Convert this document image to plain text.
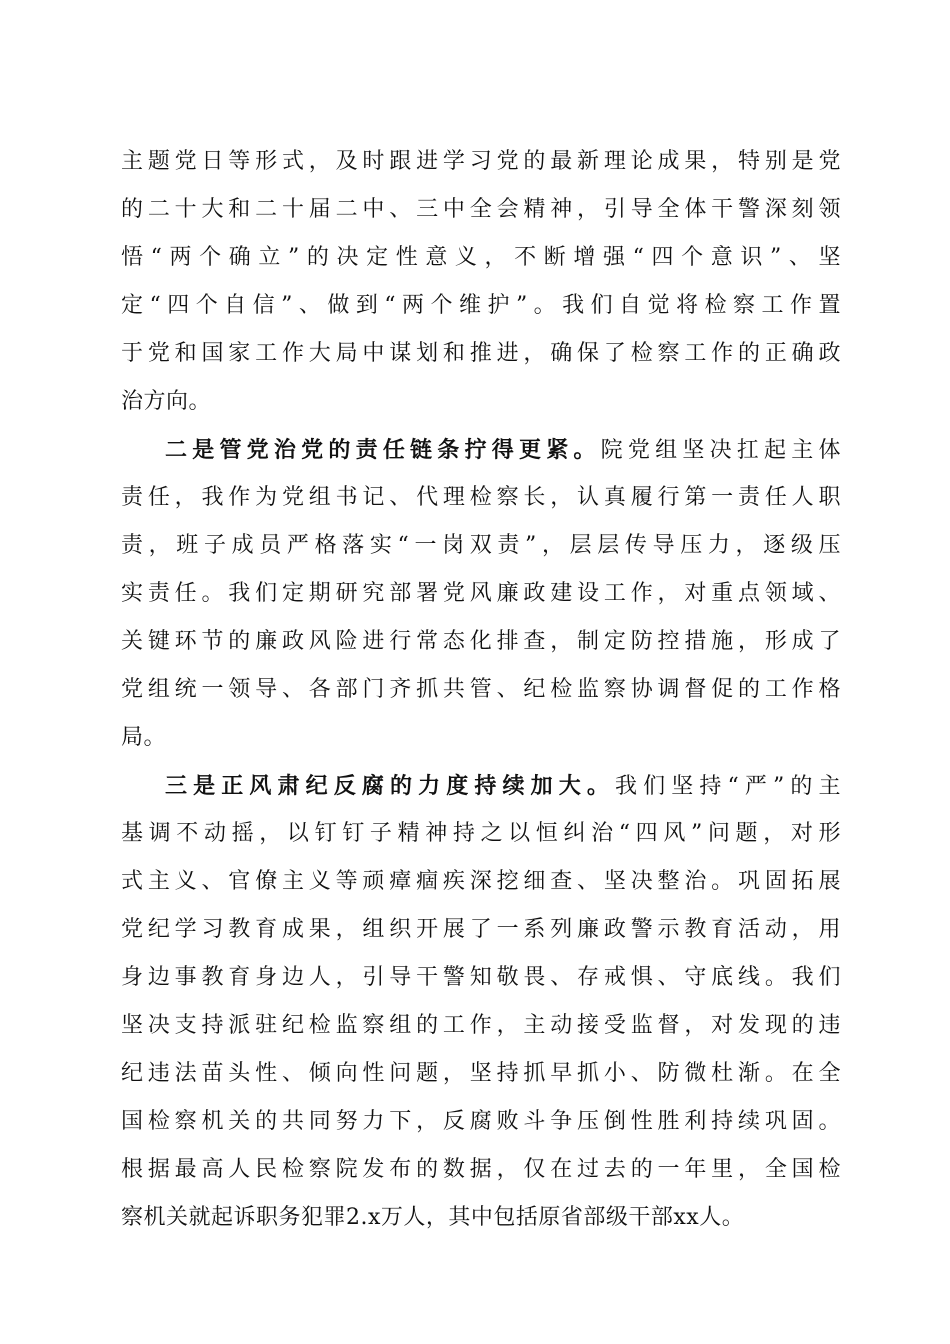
主题党日等形式，及时跟进学习党的最新理论成果，特别是党
的二十大和二十届二中、三中全会精神，引导全体干警深刻领
悟“两个确立”的决定性意义，不断增强“四个意识”、坚
定“四个自信”、做到“两个维护”。我们自觉将检察工作置
于党和国家工作大局中谋划和推进，确保了检察工作的正确政
治方向。
二是管党治党的责任链条拧得更紧。院党组坚决扛起主体
责任，我作为党组书记、代理检察长，认真履行第一责任人职
责，班子成员严格落实“一岗双责”，层层传导压力，逐级压
实责任。我们定期研究部署党风廉政建设工作，对重点领域、
关键环节的廉政风险进行常态化排查，制定防控措施，形成了
党组统一领导、各部门齐抓共管、纪检监察协调督促的工作格
局。
三是正风肃纪反腐的力度持续加大。我们坚持“严”的主
基调不动摇，以钉钉子精神持之以恒纠治“四风”问题，对形
式主义、官僚主义等顽瘴痼疾深挖细查、坚决整治。巩固拓展
党纪学习教育成果，组织开展了一系列廉政警示教育活动，用
身边事教育身边人，引导干警知敬畏、存戒惧、守底线。我们
坚决支持派驻纪检监察组的工作，主动接受监督，对发现的违
纪违法苗头性、倾向性问题，坚持抓早抓小、防微杜渐。在全
国检察机关的共同努力下，反腐败斗争压倒性胜利持续巩固。
根据最高人民检察院发布的数据，仅在过去的一年里，全国检
察机关就起诉职务犯罪2.x万人，其中包括原省部级干部xx人。
